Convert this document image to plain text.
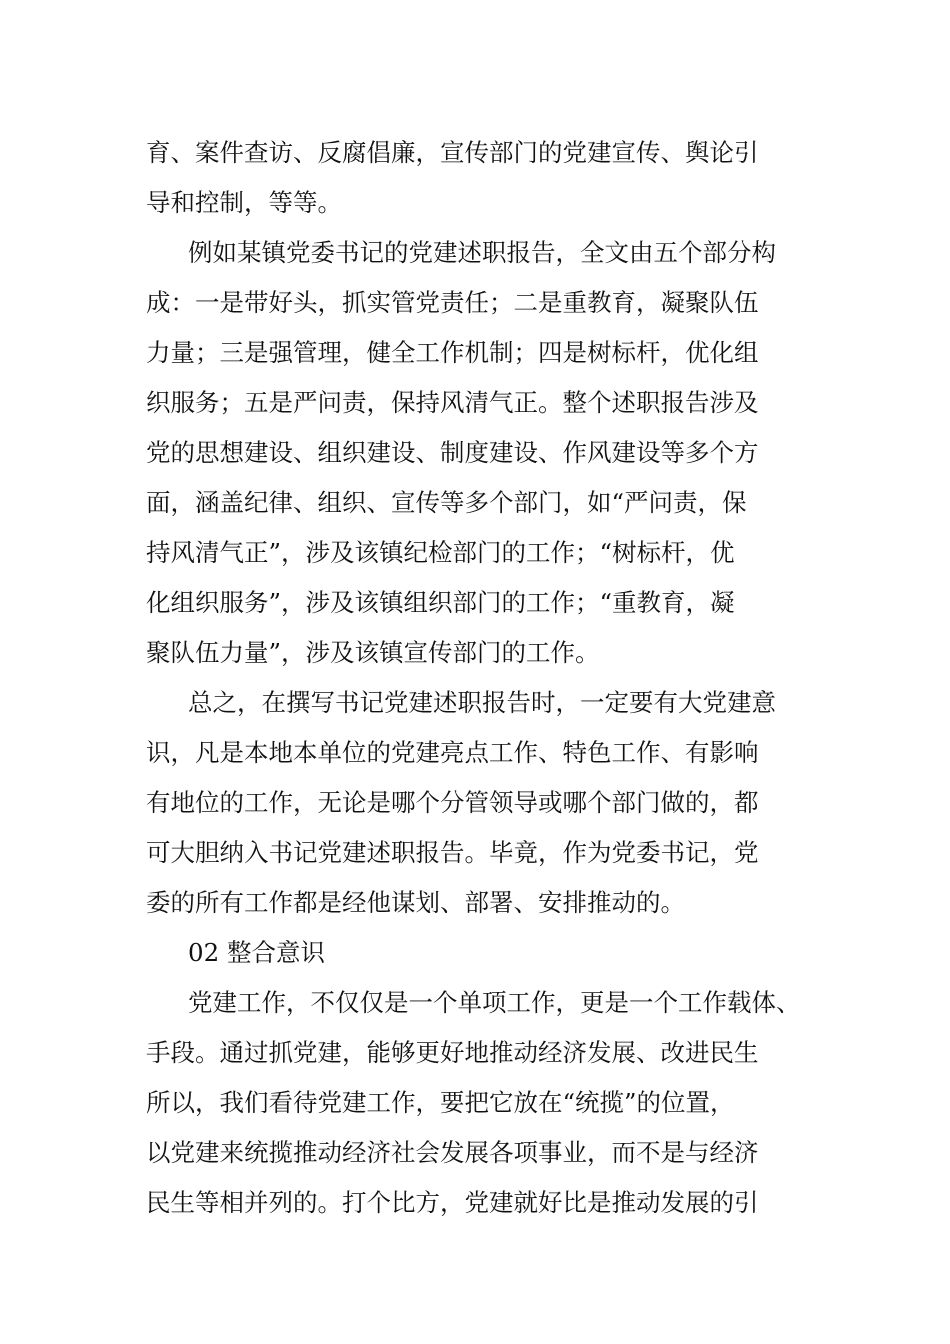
育、案件查访、反腐倡廉，宣传部门的党建宣传、舆论引
导和控制，等等。
例如某镇党委书记的党建述职报告，全文由五个部分构
成：一是带好头，抓实管党责任；二是重教育，凝聚队伍
力量；三是强管理，健全工作机制；四是树标杆，优化组
织服务；五是严问责，保持风清气正。整个述职报告涉及
党的思想建设、组织建设、制度建设、作风建设等多个方
面，涵盖纪律、组织、宣传等多个部门，如“严问责，保
持风清气正”，涉及该镇纪检部门的工作；“树标杆，优
化组织服务”，涉及该镇组织部门的工作；“重教育，凝
聚队伍力量”，涉及该镇宣传部门的工作。
总之，在撰写书记党建述职报告时，一定要有大党建意
识，凡是本地本单位的党建亮点工作、特色工作、有影响
有地位的工作，无论是哪个分管领导或哪个部门做的，都
可大胆纳入书记党建述职报告。毕竟，作为党委书记，党
委的所有工作都是经他谋划、部署、安排推动的。
02 整合意识
党建工作，不仅仅是一个单项工作，更是一个工作载体、
手段。通过抓党建，能够更好地推动经济发展、改进民生
所以，我们看待党建工作，要把它放在“统揽”的位置，
以党建来统揽推动经济社会发展各项事业，而不是与经济
民生等相并列的。打个比方，党建就好比是推动发展的引
